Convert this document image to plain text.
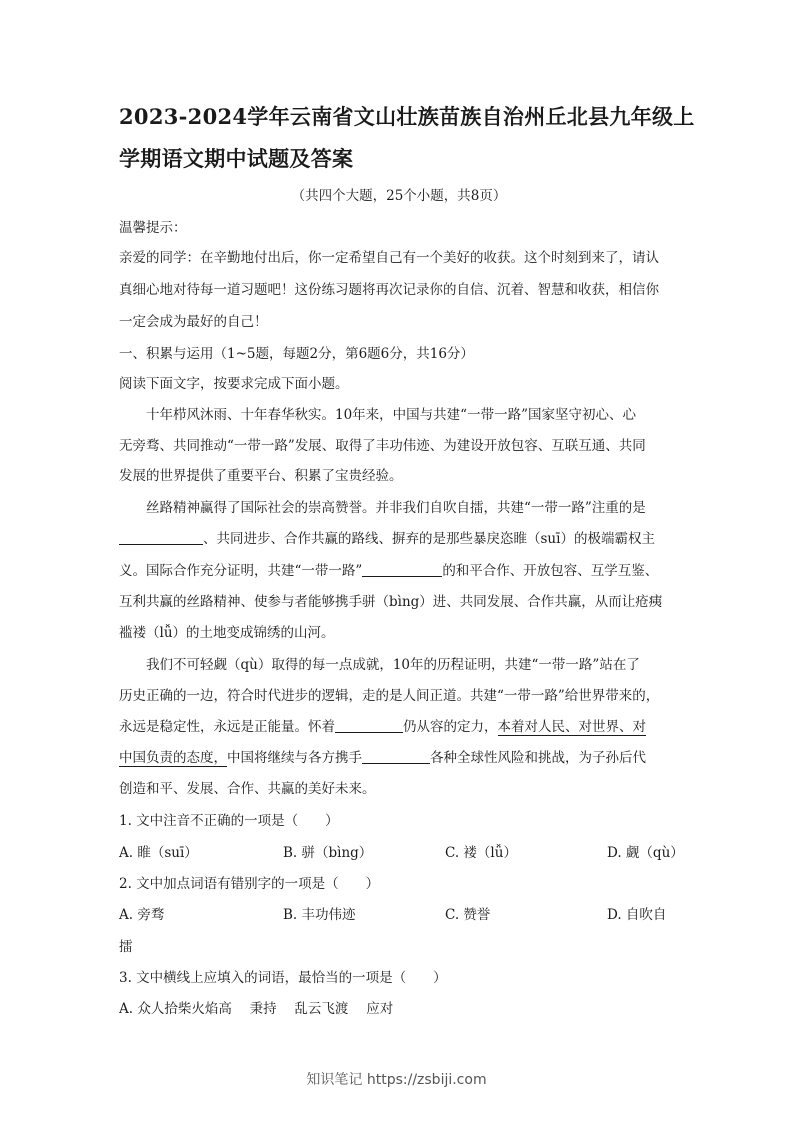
2023-2024学年云南省文山壮族苗族自治州丘北县九年级上
学期语文期中试题及答案
（共四个大题，25个小题，共8页）
温馨提示：
亲爱的同学：在辛勤地付出后，你一定希望自己有一个美好的收获。这个时刻到来了，请认
真细心地对待每一道习题吧！这份练习题将再次记录你的自信、沉着、智慧和收获，相信你
一定会成为最好的自己！
一、积累与运用（1~5题，每题2分，第6题6分，共16分）
阅读下面文字，按要求完成下面小题。
十年栉风沐雨、十年春华秋实。10年来，中国与共建“一带一路”国家坚守初心、心
无旁骛、共同推动“一带一路”发展、取得了丰功伟迹、为建设开放包容、互联互通、共同
发展的世界提供了重要平台、积累了宝贵经验。
丝路精神赢得了国际社会的崇高赞誉。并非我们自吹自擂，共建“一带一路”注重的是
、共同进步、合作共赢的路线、摒弃的是那些暴戾恣睢（suī）的极端霸权主
义。国际合作充分证明，共建“一带一路”	的和平合作、开放包容、互学互鉴、
互利共赢的丝路精神、使参与者能够携手骈（bìng）进、共同发展、合作共赢，从而让疮痍
褴褛（lǚ）的土地变成锦绣的山河。
我们不可轻觑（qù）取得的每一点成就，10年的历程证明，共建“一带一路”站在了
历史正确的一边，符合时代进步的逻辑，走的是人间正道。共建“一带一路”给世界带来的，
永远是稳定性，永远是正能量。怀着	仍从容的定力，本着对人民、对世界、对
中国负责的态度，中国将继续与各方携手	各种全球性风险和挑战，为子孙后代
创造和平、发展、合作、共赢的美好未来。
1. 文中注音不正确的一项是（　　）
A. 睢（suī）	B. 骈（bìng）	C. 褛（lǚ）	D. 觑（qù）
2. 文中加点词语有错别字的一项是（　　）
A. 旁骛	B. 丰功伟迹	C. 赞誉	D. 自吹自
擂
3. 文中横线上应填入的词语，最恰当的一项是（　　）
A. 众人拾柴火焰高　 秉持　 乱云飞渡　 应对
知识笔记 https://zsbiji.com
